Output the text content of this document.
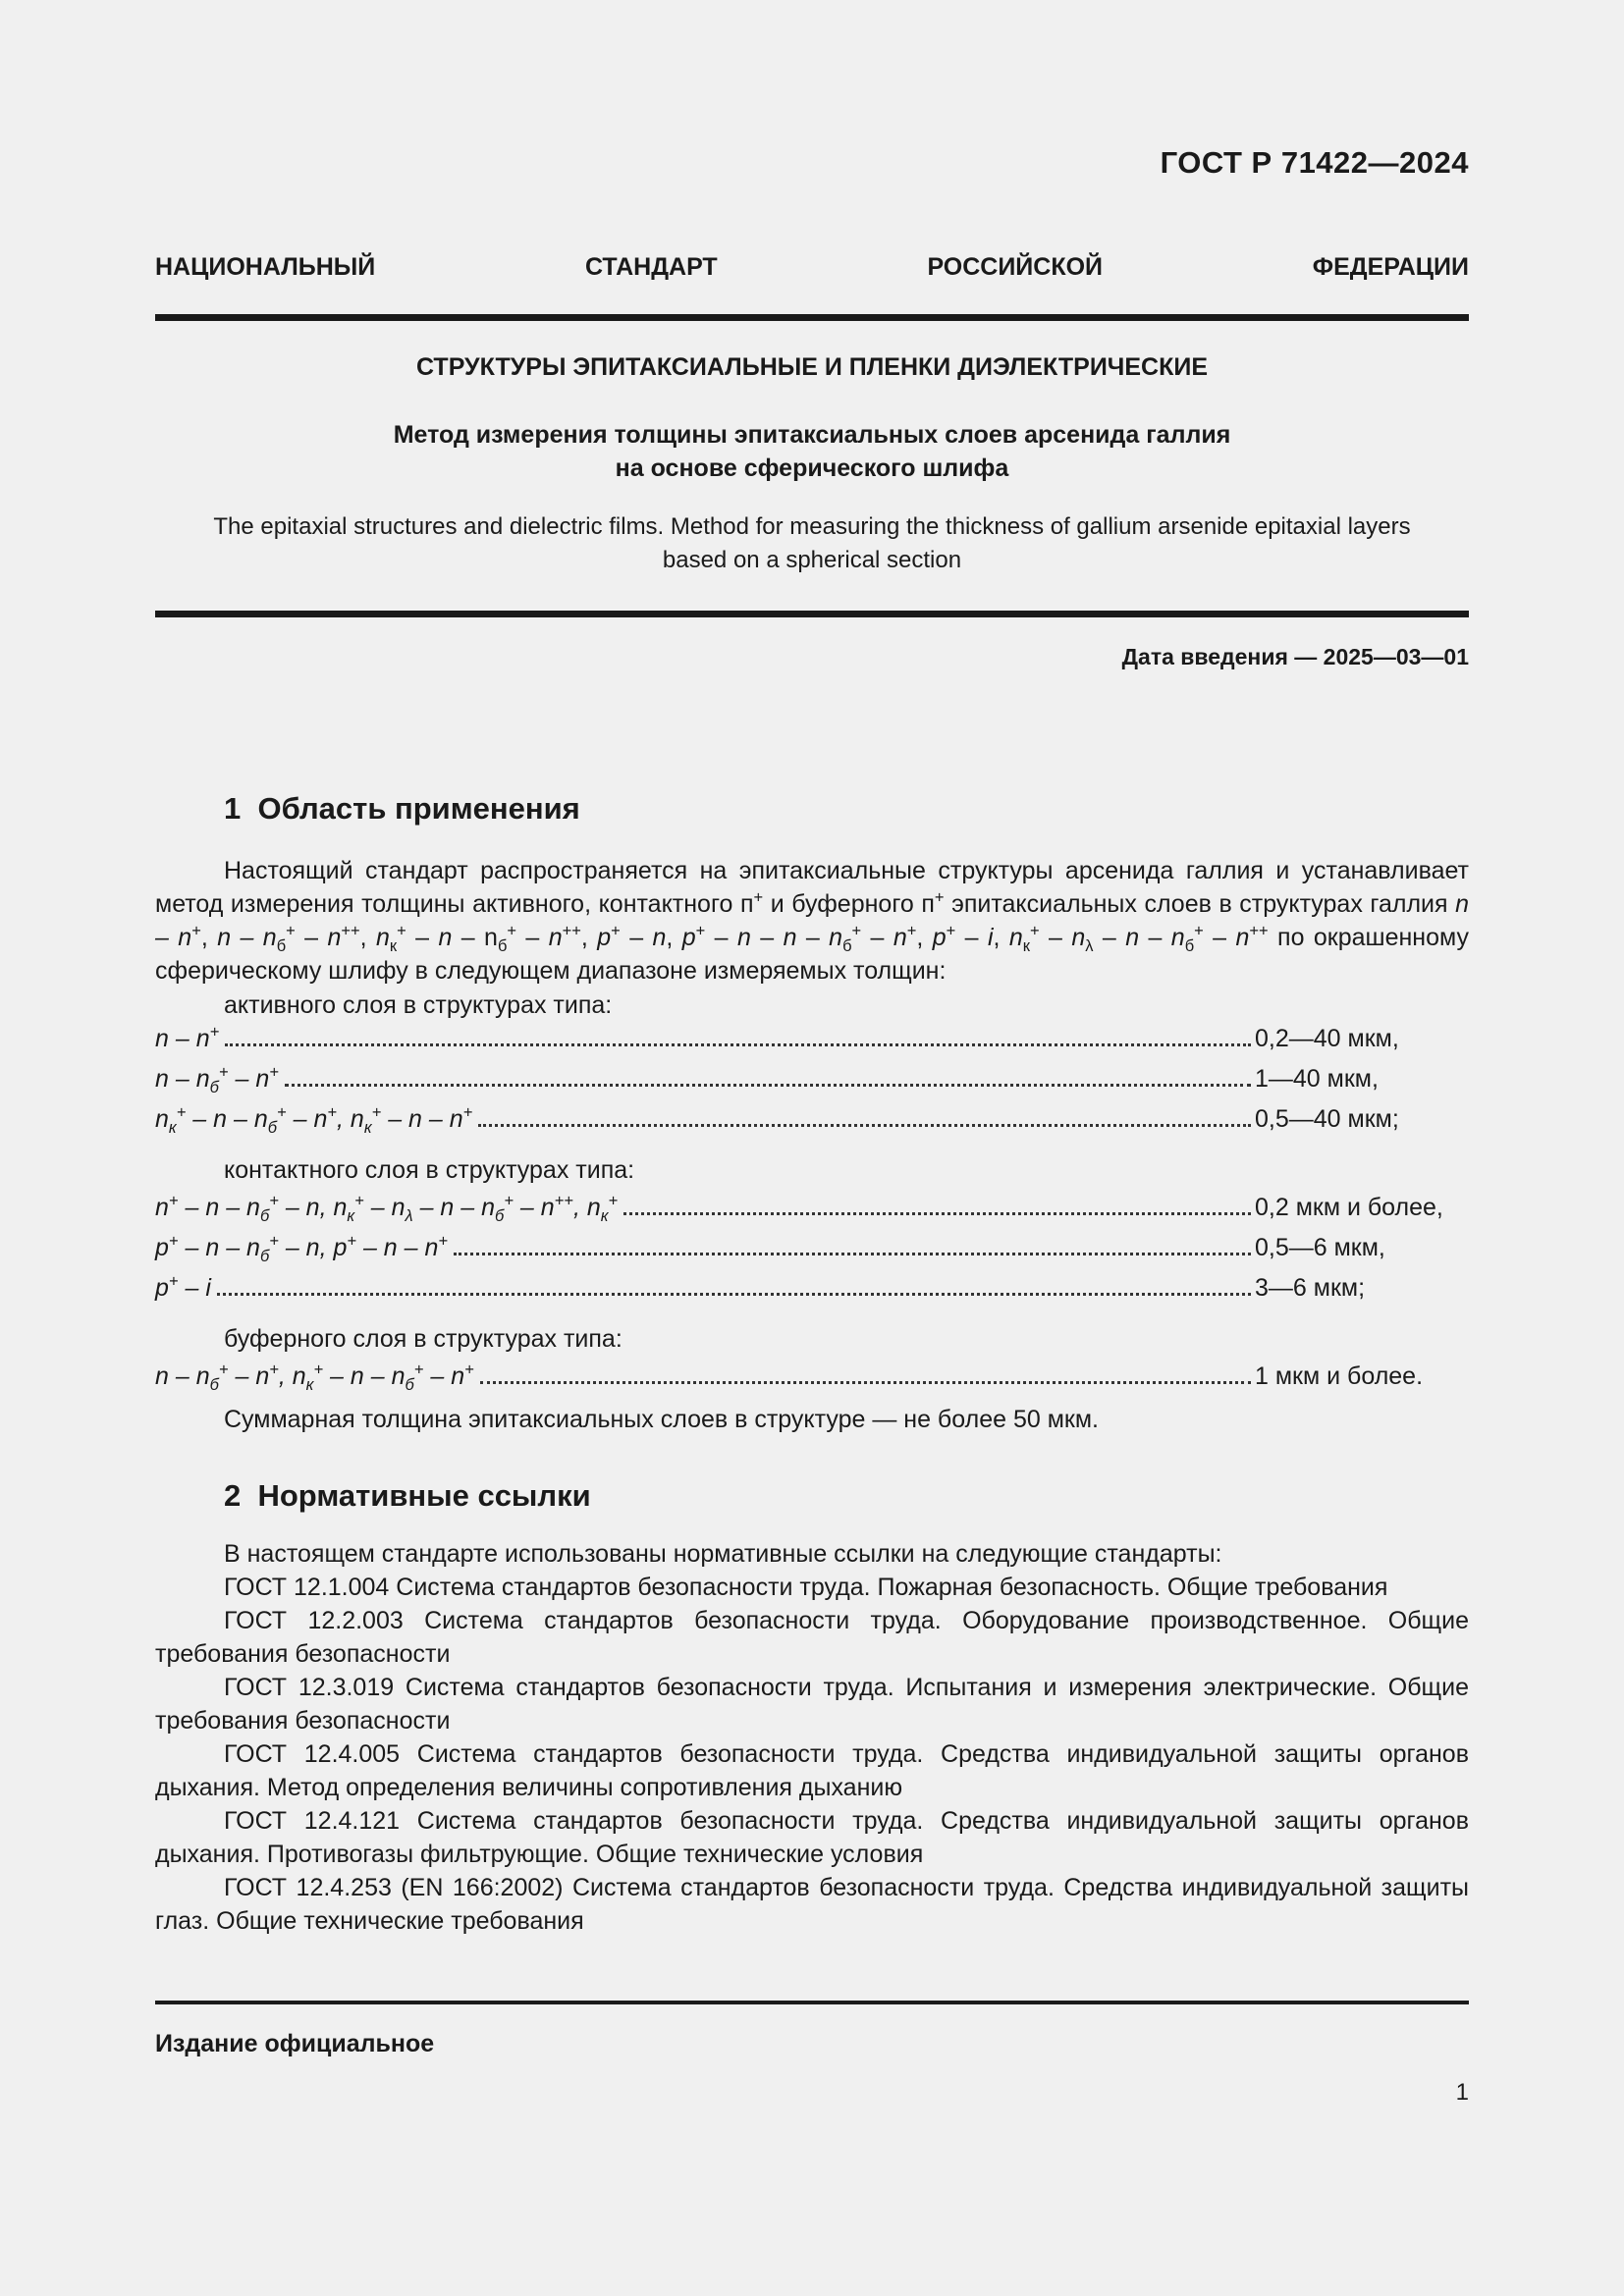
ГОСТ Р 71422—2024
НАЦИОНАЛЬНЫЙ	СТАНДАРТ	РОССИЙСКОЙ	ФЕДЕРАЦИИ
СТРУКТУРЫ ЭПИТАКСИАЛЬНЫЕ И ПЛЕНКИ ДИЭЛЕКТРИЧЕСКИЕ
Метод измерения толщины эпитаксиальных слоев арсенида галлия
на основе сферического шлифа
The epitaxial structures and dielectric films. Method for measuring the thickness of gallium arsenide epitaxial layers
based on a spherical section
Дата введения — 2025—03—01
1 Область применения

Настоящий стандарт распространяется на эпитаксиальные структуры арсенида галлия и устанавливает метод измерения толщины активного, контактного п+ и буферного п+ эпитаксиальных слоев в структурах галлия n – n+, n – $n_б^+ - n^{++}$, $n_к^+$ – n – $n_б^+ - n^{++}$, p+ – n, p+ – n – n – $n_б^+ - n^+$, p+ – i, $n_к^+ - n_\lambda$ – n – $n_б^+ - n^{++}$ по окрашенному сферическому шлифу в следующем диапазоне измеряемых толщин:

активного слоя в структурах типа:
n – n+	0,2—40 мкм,
n – $n_б^+ - n^+$	1—40 мкм,
$n_к^+$ – n – $n_б^+ - n^+$, $n_к^+$ – n – n+	0,5—40 мкм;
контактного слоя в структурах типа:
n+ – n – $n_б^+$ – n, $n_к^+ - n_\lambda$ – n – $n_б^+ - n^{++}$, $n_к^+$	0,2 мкм и более,
p+ – n – $n_б^+$ – n, p+ – n – n+	0,5—6 мкм,
p+ – i	3—6 мкм;
буферного слоя в структурах типа:
n – $n_б^+ - n^+$, $n_к^+$ – n – $n_б^+ - n^+$	1 мкм и более.
Суммарная толщина эпитаксиальных слоев в структуре — не более 50 мкм.
2 Нормативные ссылки

В настоящем стандарте использованы нормативные ссылки на следующие стандарты:

ГОСТ 12.1.004 Система стандартов безопасности труда. Пожарная безопасность. Общие требования

ГОСТ 12.2.003 Система стандартов безопасности труда. Оборудование производственное. Общие требования безопасности

ГОСТ 12.3.019 Система стандартов безопасности труда. Испытания и измерения электрические. Общие требования безопасности

ГОСТ 12.4.005 Система стандартов безопасности труда. Средства индивидуальной защиты органов дыхания. Метод определения величины сопротивления дыханию

ГОСТ 12.4.121 Система стандартов безопасности труда. Средства индивидуальной защиты органов дыхания. Противогазы фильтрующие. Общие технические условия

ГОСТ 12.4.253 (EN 166:2002) Система стандартов безопасности труда. Средства индивидуальной защиты глаз. Общие технические требования

Издание официальное
1
